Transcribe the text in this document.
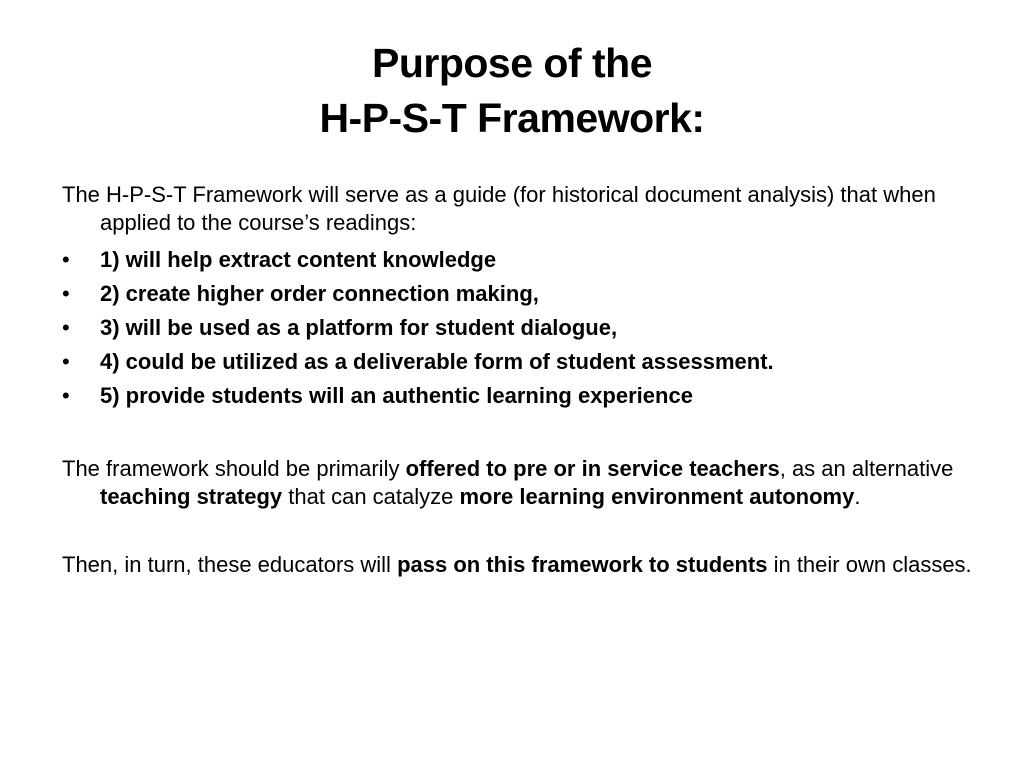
Purpose of the
H-P-S-T Framework:

The H-P-S-T Framework will serve as a guide (for historical document analysis) that when applied to the course’s readings:

• 1) will help extract content knowledge
• 2) create higher order connection making,
• 3) will be used as a platform for student dialogue,
• 4) could be utilized as a deliverable form of student assessment.
• 5) provide students will an authentic learning experience

The framework should be primarily offered to pre or in service teachers, as an alternative teaching strategy that can catalyze more learning environment autonomy.

Then, in turn, these educators will pass on this framework to students in their own classes.
